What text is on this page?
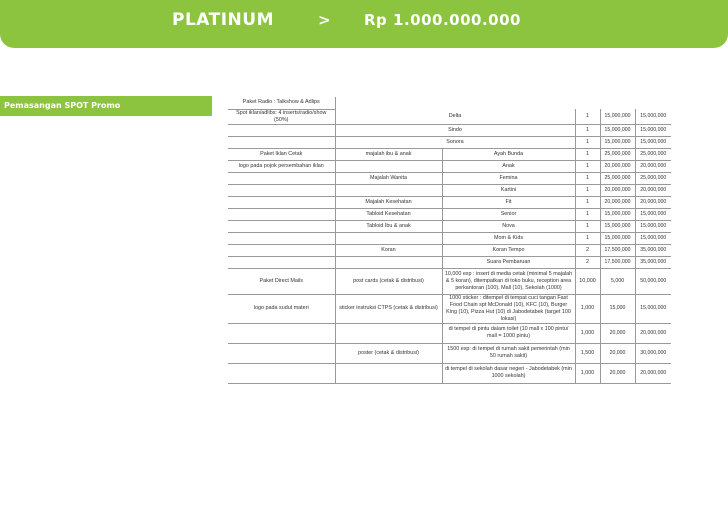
PLATINUM	> Rp 1.000.000.000
Pemasangan SPOT Promo	Paket Radio : Talkshow & Adlips					
Spot iklan/adlibs: 4 inserts/radio/show (50%)	Delta		1	15,000,000	15,000,000
	Sindo		1	15,000,000	15,000,000
	Sonora		1	15,000,000	15,000,000
Paket Iklan Cetak	majalah ibu & anak	Ayah Bunda	1	25,000,000	25,000,000
logo pada pojok persembahan iklan		Anak	1	20,000,000	20,000,000
	Majalah Wanita	Femina	1	25,000,000	25,000,000
		Kartini	1	20,000,000	20,000,000
	Majalah Kesehatan	Fit	1	20,000,000	20,000,000
	Tabloid Kesehatan	Senior	1	15,000,000	15,000,000
	Tabloid Ibu & anak	Nova	1	15,000,000	15,000,000
		Mom & Kids	1	15,000,000	15,000,000
	Koran	Koran Tempo	2	17,500,000	35,000,000
		Suara Pembaruan	2	17,500,000	35,000,000
Paket Direct Mails	post cards (cetak & distribusi)	10,000 exp : insert di media cetak (minimal 5 majalah & 5 koran), ditempatkan di toko buku, reception area perkantoran (100), Mall (10), Sekolah (1000)	10,000	5,000	50,000,000
logo pada sudut materi	sticker instruksi CTPS (cetak & distribusi)	1000 sticker : ditempel di tempat cuci tangan Fast Food Chain spt McDonald (10), KFC (10), Burger King (10), Pizza Hut (10) di Jabodetabek (target 100 lokasi)	1,000	15,000	15,000,000
		di tempel di pintu dalam toilet (10 mall x 100 pintu/ mall = 1000 pintu)	1,000	20,000	20,000,000
	poster (cetak & distribusi)	1500 exp: di tempel di rumah sakit pemerintah (min 50 rumah sakit)	1,500	20,000	30,000,000
		di tempel di sekolah dasar negeri - Jabodetabek (min 1000 sekolah)	1,000	20,000	20,000,000
